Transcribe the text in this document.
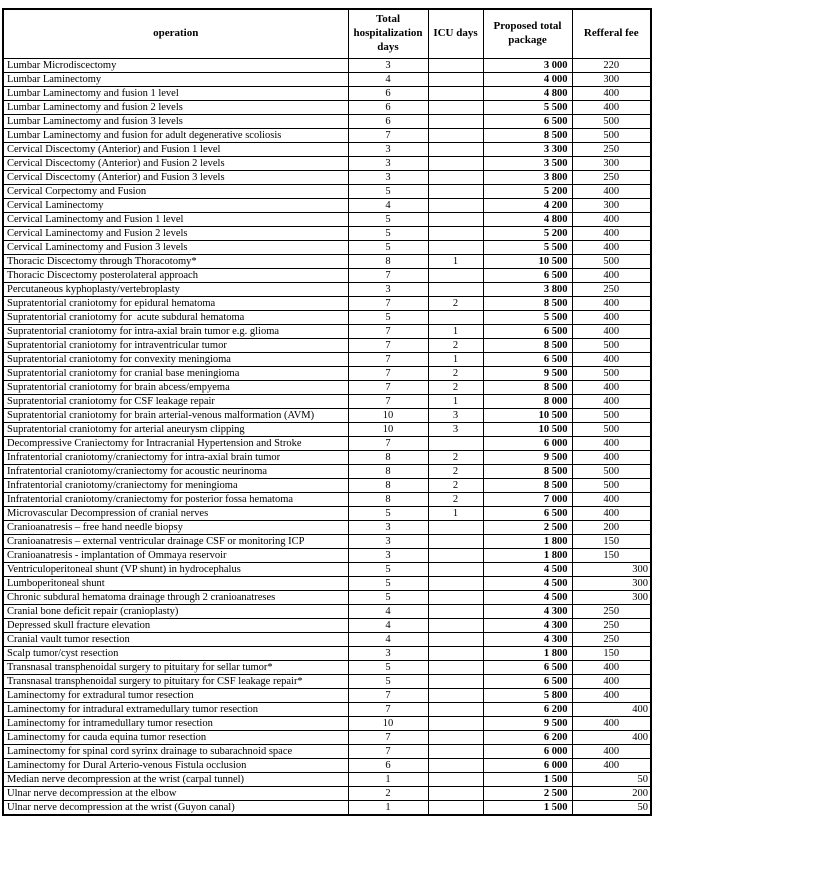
operation	Total hospitalization days	ICU days	Proposed total package	Refferal fee
Lumbar Microdiscectomy	3		3 000	220
Lumbar Laminectomy	4		4 000	300
Lumbar Laminectomy and fusion 1 level	6		4 800	400
Lumbar Laminectomy and fusion 2 levels	6		5 500	400
Lumbar Laminectomy and fusion 3 levels	6		6 500	500
Lumbar Laminectomy and fusion for adult degenerative scoliosis	7		8 500	500
Cervical Discectomy (Anterior) and Fusion 1 level	3		3 300	250
Cervical Discectomy (Anterior) and Fusion 2 levels	3		3 500	300
Cervical Discectomy (Anterior) and Fusion 3 levels	3		3 800	250
Cervical Corpectomy and Fusion	5		5 200	400
Cervical Laminectomy	4		4 200	300
Cervical Laminectomy and Fusion 1 level	5		4 800	400
Cervical Laminectomy and Fusion 2 levels	5		5 200	400
Cervical Laminectomy and Fusion 3 levels	5		5 500	400
Thoracic Discectomy through Thoracotomy*	8	1	10 500	500
Thoracic Discectomy posterolateral approach	7		6 500	400
Percutaneous kyphoplasty/vertebroplasty	3		3 800	250
Supratentorial craniotomy for epidural hematoma	7	2	8 500	400
Supratentorial craniotomy for  acute subdural hematoma	5		5 500	400
Supratentorial craniotomy for intra-axial brain tumor e.g. glioma	7	1	6 500	400
Supratentorial craniotomy for intraventricular tumor	7	2	8 500	500
Supratentorial craniotomy for convexity meningioma	7	1	6 500	400
Supratentorial craniotomy for cranial base meningioma	7	2	9 500	500
Supratentorial craniotomy for brain abcess/empyema	7	2	8 500	400
Supratentorial craniotomy for CSF leakage repair	7	1	8 000	400
Supratentorial craniotomy for brain arterial-venous malformation (AVM)	10	3	10 500	500
Supratentorial craniotomy for arterial aneurysm clipping	10	3	10 500	500
Decompressive Craniectomy for Intracranial Hypertension and Stroke	7		6 000	400
Infratentorial craniotomy/craniectomy for intra-axial brain tumor	8	2	9 500	400
Infratentorial craniotomy/craniectomy for acoustic neurinoma	8	2	8 500	500
Infratentorial craniotomy/craniectomy for meningioma	8	2	8 500	500
Infratentorial craniotomy/craniectomy for posterior fossa hematoma	8	2	7 000	400
Microvascular Decompression of cranial nerves	5	1	6 500	400
Cranioanatresis – free hand needle biopsy	3		2 500	200
Cranioanatresis – external ventricular drainage CSF or monitoring ICP	3		1 800	150
Cranioanatresis - implantation of Ommaya reservoir	3		1 800	150
Ventriculoperitoneal shunt (VP shunt) in hydrocephalus	5		4 500	300
Lumboperitoneal shunt	5		4 500	300
Chronic subdural hematoma drainage through 2 cranioanatreses	5		4 500	300
Cranial bone deficit repair (cranioplasty)	4		4 300	250
Depressed skull fracture elevation	4		4 300	250
Cranial vault tumor resection	4		4 300	250
Scalp tumor/cyst resection	3		1 800	150
Transnasal transphenoidal surgery to pituitary for sellar tumor*	5		6 500	400
Transnasal transphenoidal surgery to pituitary for CSF leakage repair*	5		6 500	400
Laminectomy for extradural tumor resection	7		5 800	400
Laminectomy for intradural extramedullary tumor resection	7		6 200	400
Laminectomy for intramedullary tumor resection	10		9 500	400
Laminectomy for cauda equina tumor resection	7		6 200	400
Laminectomy for spinal cord syrinx drainage to subarachnoid space	7		6 000	400
Laminectomy for Dural Arterio-venous Fistula occlusion	6		6 000	400
Median nerve decompression at the wrist (carpal tunnel)	1		1 500	50
Ulnar nerve decompression at the elbow	2		2 500	200
Ulnar nerve decompression at the wrist (Guyon canal)	1		1 500	50
